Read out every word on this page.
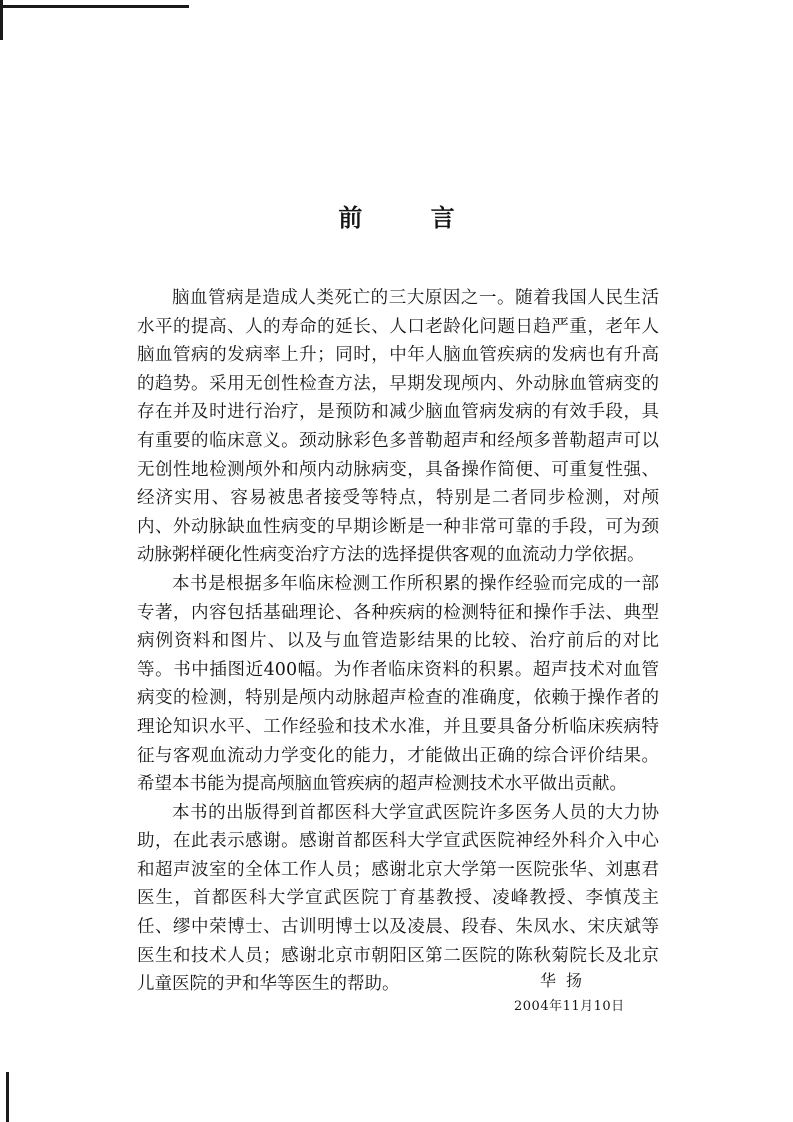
前 言

脑血管病是造成人类死亡的三大原因之一。随着我国人民生活水平的提高、人的寿命的延长、人口老龄化问题日趋严重，老年人脑血管病的发病率上升；同时，中年人脑血管疾病的发病也有升高的趋势。采用无创性检查方法，早期发现颅内、外动脉血管病变的存在并及时进行治疗，是预防和减少脑血管病发病的有效手段，具有重要的临床意义。颈动脉彩色多普勒超声和经颅多普勒超声可以无创性地检测颅外和颅内动脉病变，具备操作简便、可重复性强、经济实用、容易被患者接受等特点，特别是二者同步检测，对颅内、外动脉缺血性病变的早期诊断是一种非常可靠的手段，可为颈动脉粥样硬化性病变治疗方法的选择提供客观的血流动力学依据。

本书是根据多年临床检测工作所积累的操作经验而完成的一部专著，内容包括基础理论、各种疾病的检测特征和操作手法、典型病例资料和图片、以及与血管造影结果的比较、治疗前后的对比等。书中插图近400幅。为作者临床资料的积累。超声技术对血管病变的检测，特别是颅内动脉超声检查的准确度，依赖于操作者的理论知识水平、工作经验和技术水准，并且要具备分析临床疾病特征与客观血流动力学变化的能力，才能做出正确的综合评价结果。希望本书能为提高颅脑血管疾病的超声检测技术水平做出贡献。

本书的出版得到首都医科大学宣武医院许多医务人员的大力协助，在此表示感谢。感谢首都医科大学宣武医院神经外科介入中心和超声波室的全体工作人员；感谢北京大学第一医院张华、刘惠君医生，首都医科大学宣武医院丁育基教授、凌峰教授、李慎茂主任、缪中荣博士、古训明博士以及凌晨、段春、朱凤水、宋庆斌等医生和技术人员；感谢北京市朝阳区第二医院的陈秋菊院长及北京儿童医院的尹和华等医生的帮助。	华扬
2004年11月10日
